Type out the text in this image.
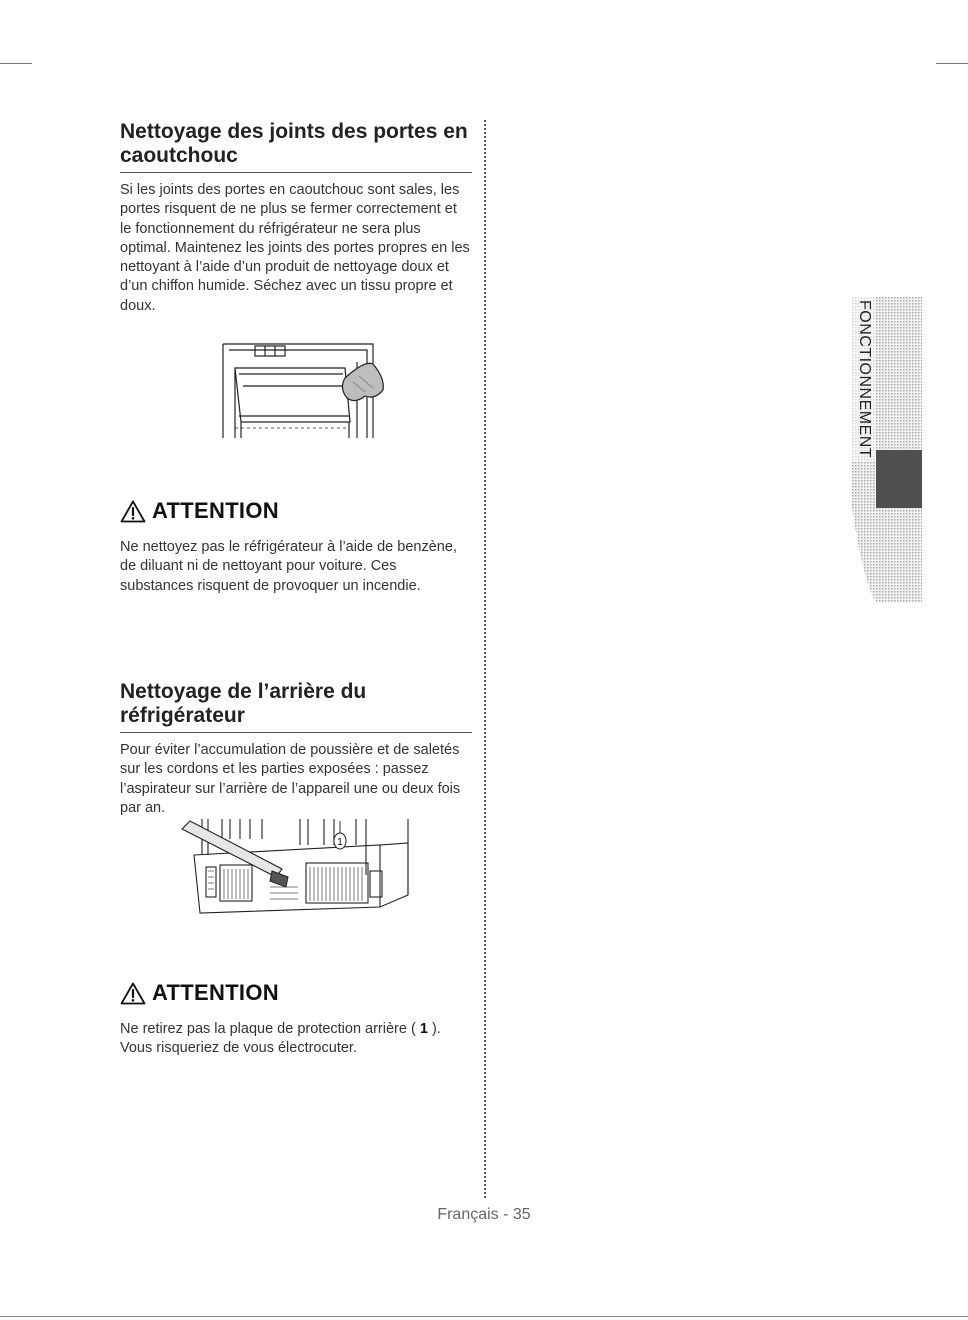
Nettoyage des joints des portes en caoutchouc

Si les joints des portes en caoutchouc sont sales, les portes risquent de ne plus se fermer correctement et le fonctionnement du réfrigérateur ne sera plus optimal. Maintenez les joints des portes propres en les nettoyant à l’aide d’un produit de nettoyage doux et d’un chiffon humide. Séchez avec un tissu propre et doux.

ATTENTION

Ne nettoyez pas le réfrigérateur à l’aide de benzène, de diluant ni de nettoyant pour voiture. Ces substances risquent de provoquer un incendie.

Nettoyage de l’arrière du réfrigérateur

Pour éviter l’accumulation de poussière et de saletés sur les cordons et les parties exposées : passez l’aspirateur sur l’arrière de l’appareil une ou deux fois par an.

1
ATTENTION

Ne retirez pas la plaque de protection arrière ( 1 ). Vous risqueriez de vous électrocuter.

FONCTIONNEMENT
Français - 35
